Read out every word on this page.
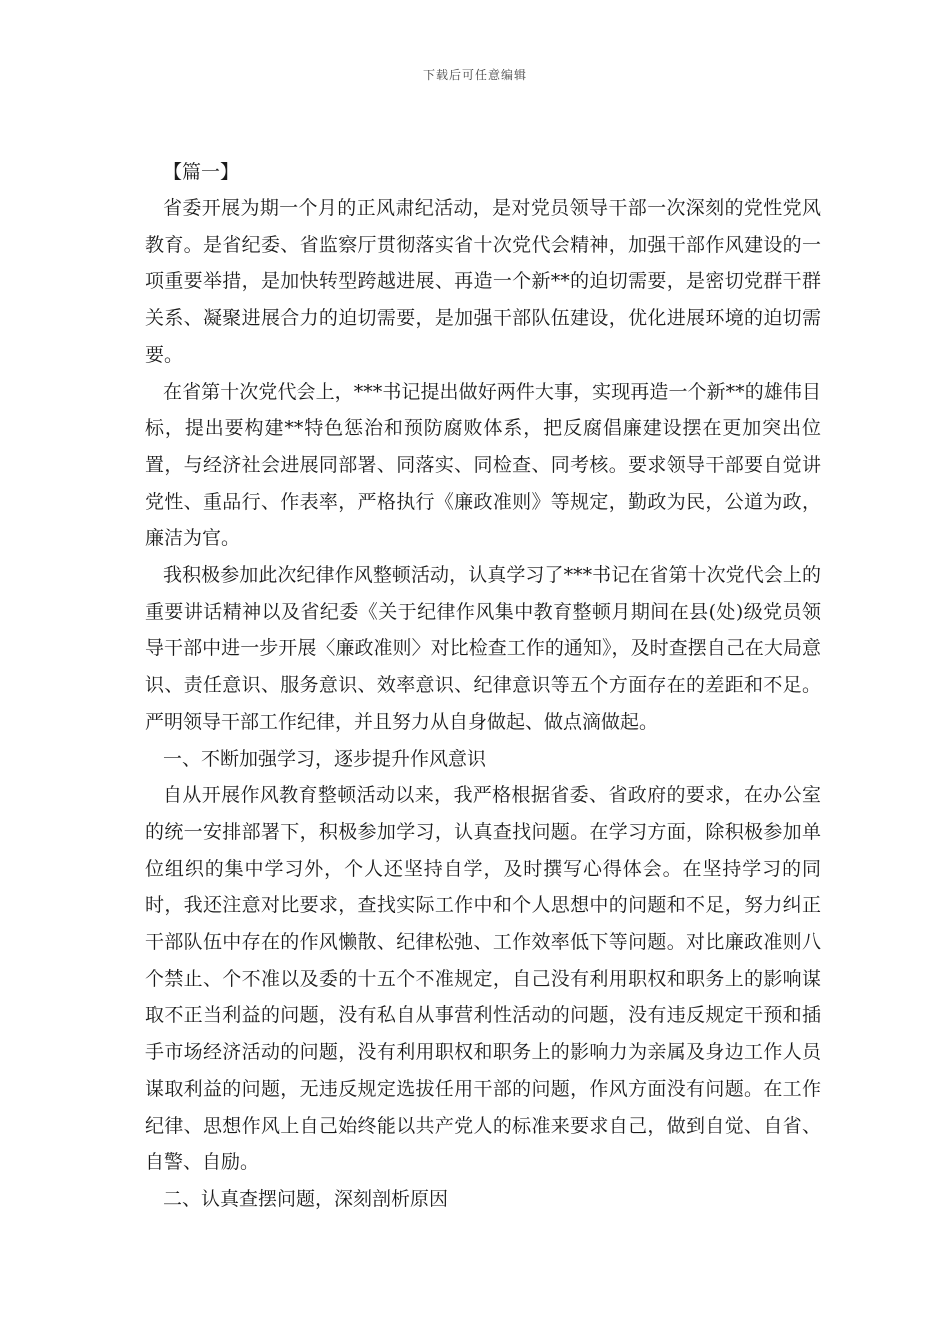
下载后可任意编辑

【篇一】

省委开展为期一个月的正风肃纪活动，是对党员领导干部一次深刻的党性党风教育。是省纪委、省监察厅贯彻落实省十次党代会精神，加强干部作风建设的一项重要举措，是加快转型跨越进展、再造一个新**的迫切需要，是密切党群干群关系、凝聚进展合力的迫切需要，是加强干部队伍建设，优化进展环境的迫切需要。

在省第十次党代会上，***书记提出做好两件大事，实现再造一个新**的雄伟目标，提出要构建**特色惩治和预防腐败体系，把反腐倡廉建设摆在更加突出位置，与经济社会进展同部署、同落实、同检查、同考核。要求领导干部要自觉讲党性、重品行、作表率，严格执行《廉政准则》等规定，勤政为民，公道为政，廉洁为官。

我积极参加此次纪律作风整顿活动，认真学习了***书记在省第十次党代会上的重要讲话精神以及省纪委《关于纪律作风集中教育整顿月期间在县(处)级党员领导干部中进一步开展〈廉政准则〉对比检查工作的通知》，及时查摆自己在大局意识、责任意识、服务意识、效率意识、纪律意识等五个方面存在的差距和不足。严明领导干部工作纪律，并且努力从自身做起、做点滴做起。

一、不断加强学习，逐步提升作风意识

自从开展作风教育整顿活动以来，我严格根据省委、省政府的要求，在办公室的统一安排部署下，积极参加学习，认真查找问题。在学习方面，除积极参加单位组织的集中学习外，个人还坚持自学，及时撰写心得体会。在坚持学习的同时，我还注意对比要求，查找实际工作中和个人思想中的问题和不足，努力纠正干部队伍中存在的作风懒散、纪律松弛、工作效率低下等问题。对比廉政准则八个禁止、个不准以及委的十五个不准规定，自己没有利用职权和职务上的影响谋取不正当利益的问题，没有私自从事营利性活动的问题，没有违反规定干预和插手市场经济活动的问题，没有利用职权和职务上的影响力为亲属及身边工作人员谋取利益的问题，无违反规定选拔任用干部的问题，作风方面没有问题。在工作纪律、思想作风上自己始终能以共产党人的标准来要求自己，做到自觉、自省、自警、自励。

二、认真查摆问题，深刻剖析原因
